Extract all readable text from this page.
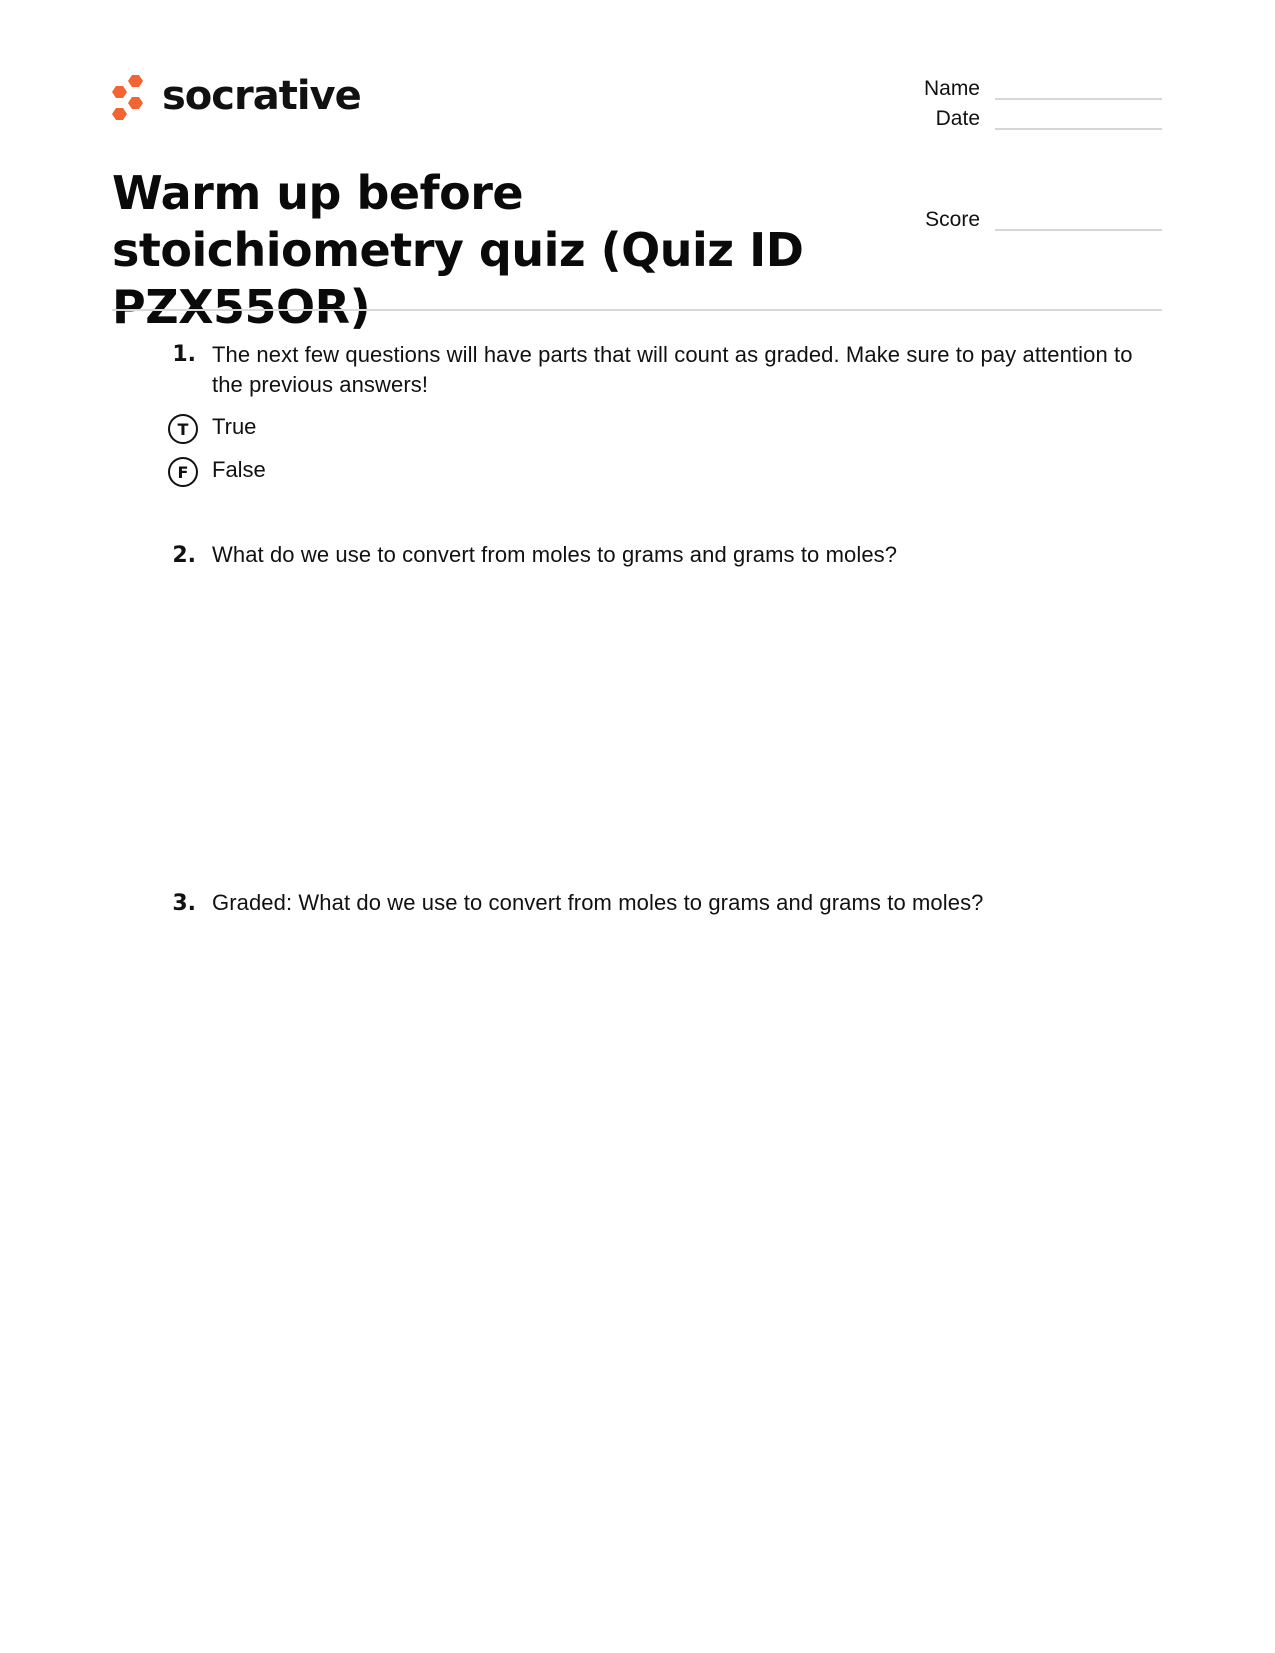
socrative
Warm up before stoichiometry quiz (Quiz ID PZX55OR)
Name
Date
Score
1. The next few questions will have parts that will count as graded. Make sure to pay attention to the previous answers!
T True
F False
2. What do we use to convert from moles to grams and grams to moles?
3. Graded: What do we use to convert from moles to grams and grams to moles?
